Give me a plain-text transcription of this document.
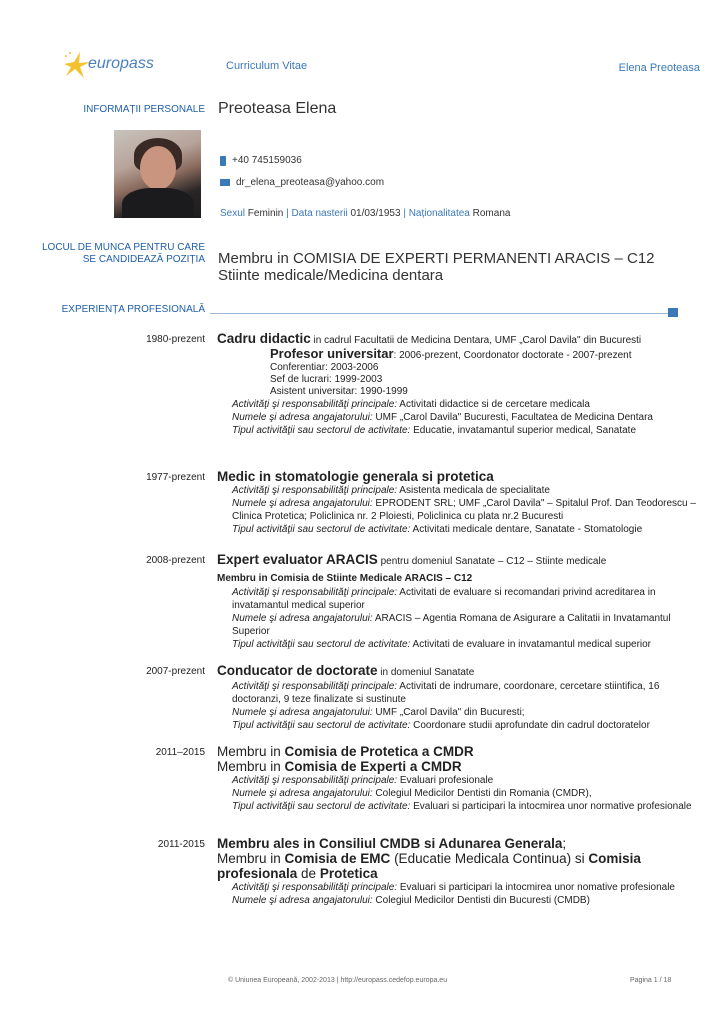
europass	Curriculum Vitae	Elena Preoteasa
INFORMAȚII PERSONALE Preoteasa Elena
+40 745159036
dr_elena_preoteasa@yahoo.com
Sexul Feminin | Data nasterii 01/03/1953 | Naționalitatea Romana
LOCUL DE MUNCA PENTRU CARE SE CANDIDEAZĂ POZIȚIA Membru in COMISIA DE EXPERTI PERMANENTI ARACIS – C12
Stiinte medicale/Medicina dentara
EXPERIENȚA PROFESIONALĂ
1980-prezent Cadru didactic in cadrul Facultatii de Medicina Dentara, UMF „Carol Davila" din Bucuresti
Profesor universitar: 2006-prezent, Coordonator doctorate - 2007-prezent
Conferentiar: 2003-2006
Sef de lucrari: 1999-2003
Asistent universitar: 1990-1999
Activităţi şi responsabilităţi principale: Activitati didactice si de cercetare medicala
Numele şi adresa angajatorului: UMF „Carol Davila" Bucuresti, Facultatea de Medicina Dentara
Tipul activităţii sau sectorul de activitate: Educatie, invatamantul superior medical, Sanatate
1977-prezent Medic in stomatologie generala si protetica
Activităţi şi responsabilităţi principale: Asistenta medicala de specialitate
Numele şi adresa angajatorului: EPRODENT SRL; UMF „Carol Davila" – Spitalul Prof. Dan Teodorescu – Clinica Protetica; Policlinica nr. 2 Ploiesti, Policlinica cu plata nr.2 Bucuresti
Tipul activităţii sau sectorul de activitate: Activitati medicale dentare, Sanatate - Stomatologie
2008-prezent Expert evaluator ARACIS pentru domeniul Sanatate – C12 – Stiinte medicale
Membru in Comisia de Stiinte Medicale ARACIS – C12
Activităţi şi responsabilităţi principale: Activitati de evaluare si recomandari privind acreditarea in invatamantul medical superior
Numele şi adresa angajatorului: ARACIS – Agentia Romana de Asigurare a Calitatii in Invatamantul Superior
Tipul activităţii sau sectorul de activitate: Activitati de evaluare in invatamantul medical superior
2007-prezent Conducator de doctorate in domeniul Sanatate
Activităţi şi responsabilităţi principale: Activitati de indrumare, coordonare, cercetare stiintifica, 16 doctoranzi, 9 teze finalizate si sustinute
Numele şi adresa angajatorului: UMF „Carol Davila" din Bucuresti;
Tipul activităţii sau sectorul de activitate: Coordonare studii aprofundate din cadrul doctoratelor
2011–2015 Membru in Comisia de Protetica a CMDR
Membru in Comisia de Experti a CMDR
Activităţi şi responsabilităţi principale: Evaluari profesionale
Numele şi adresa angajatorului: Colegiul Medicilor Dentisti din Romania (CMDR),
Tipul activităţii sau sectorul de activitate: Evaluari si participari la intocmirea unor normative profesionale
2011-2015 Membru ales in Consiliul CMDB si Adunarea Generala;
Membru in Comisia de EMC (Educatie Medicala Continua) si Comisia profesionala de Protetica
Activităţi şi responsabilităţi principale: Evaluari si participari la intocmirea unor nomative profesionale
Numele şi adresa angajatorului: Colegiul Medicilor Dentisti din Bucuresti (CMDB)
© Uniunea Europeană, 2002-2013 | http://europass.cedefop.europa.eu	Pagina 1 / 18
